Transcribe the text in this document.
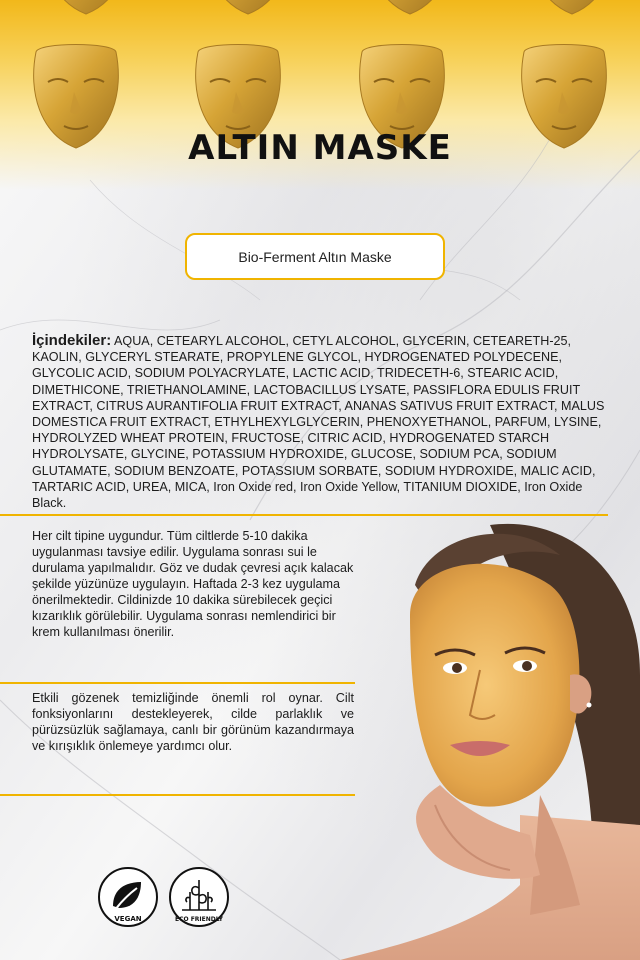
ALTIN MASKE
Bio-Ferment Altın Maske

İçindekiler: AQUA, CETEARYL ALCOHOL, CETYL ALCOHOL, GLYCERIN, CETEARETH-25, KAOLIN, GLYCERYL STEARATE, PROPYLENE GLYCOL, HYDROGENATED POLYDECENE, GLYCOLIC ACID, SODIUM POLYACRYLATE, LACTIC ACID, TRIDECETH-6, STEARIC ACID, DIMETHICONE, TRIETHANOLAMINE, LACTOBACILLUS LYSATE, PASSIFLORA EDULIS FRUIT EXTRACT, CITRUS AURANTIFOLIA FRUIT EXTRACT, ANANAS SATIVUS FRUIT EXTRACT, MALUS DOMESTICA FRUIT EXTRACT, ETHYLHEXYLGLYCERIN, PHENOXYETHANOL, PARFUM, LYSINE, HYDROLYZED WHEAT PROTEIN, FRUCTOSE, CITRIC ACID, HYDROGENATED STARCH HYDROLYSATE, GLYCINE, POTASSIUM HYDROXIDE, GLUCOSE, SODIUM PCA, SODIUM GLUTAMATE, SODIUM BENZOATE, POTASSIUM SORBATE, SODIUM HYDROXIDE, MALIC ACID, TARTARIC ACID, UREA, MICA, Iron Oxide red, Iron Oxide Yellow, TITANIUM DIOXIDE, Iron Oxide Black.

Her cilt tipine uygundur. Tüm ciltlerde 5-10 dakika uygulanması tavsiye edilir. Uygulama sonrası sui le durulama yapılmalıdır. Göz ve dudak çevresi açık kalacak şekilde yüzünüze uygulayın. Haftada 2-3 kez uygulama önerilmektedir. Cildinizde 10 dakika sürebilecek geçici kızarıklık görülebilir. Uygulama sonrası nemlendirici bir krem kullanılması önerilir.

Etkili gözenek temizliğinde önemli rol oynar. Cilt fonksiyonlarını destekleyerek, cilde parlaklık ve pürüzsüzlük sağlamaya, canlı bir görünüm kazandırmaya ve kırışıklık önlemeye yardımcı olur.

VEGAN	ECO FRIENDLY
